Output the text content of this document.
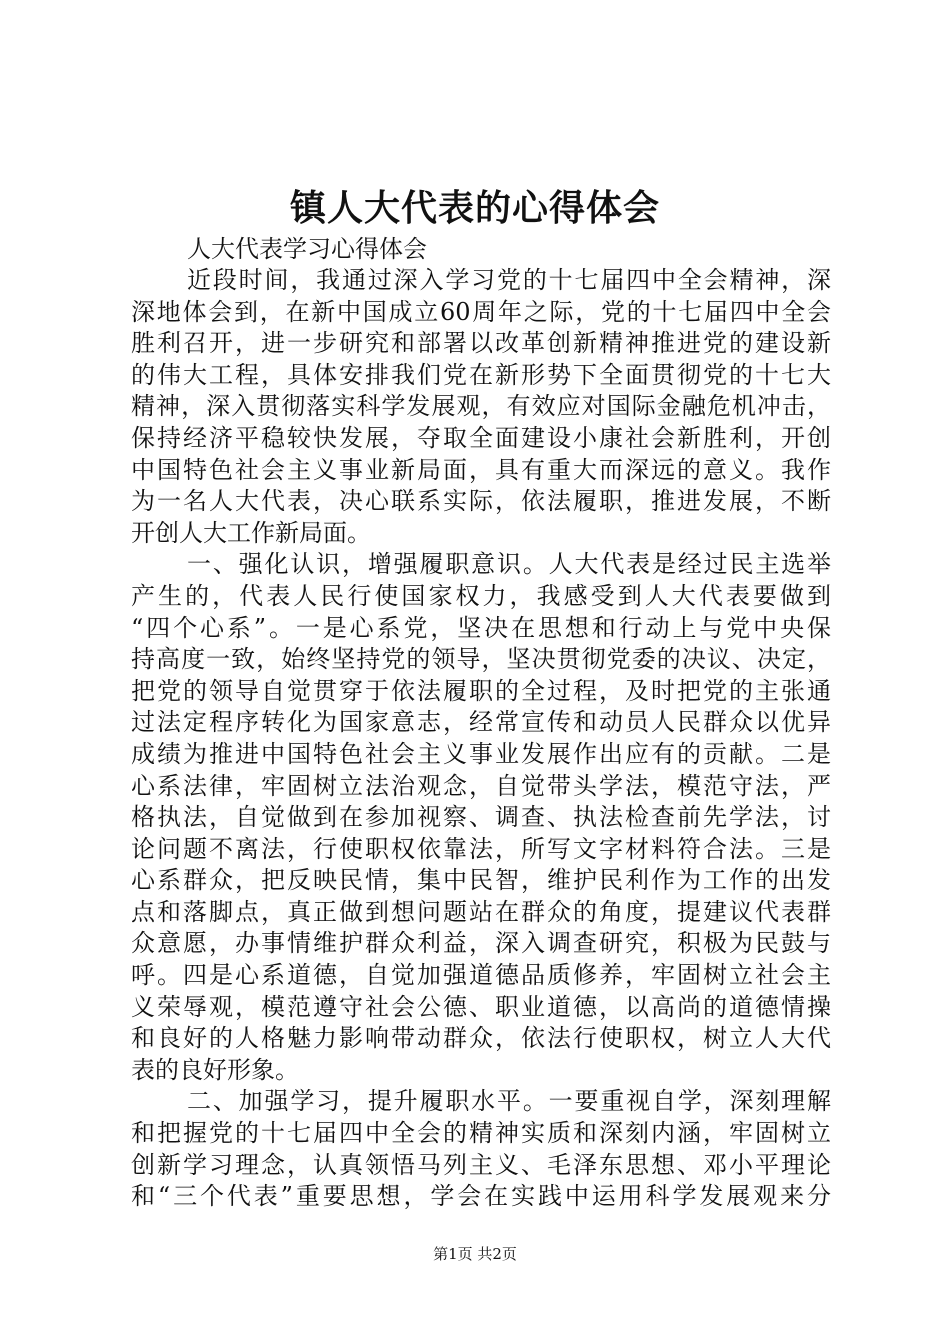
镇人大代表的心得体会

人大代表学习心得体会

近段时间，我通过深入学习党的十七届四中全会精神，深

深地体会到，在新中国成立60周年之际，党的十七届四中全会

胜利召开，进一步研究和部署以改革创新精神推进党的建设新

的伟大工程，具体安排我们党在新形势下全面贯彻党的十七大

精神，深入贯彻落实科学发展观，有效应对国际金融危机冲击，

保持经济平稳较快发展，夺取全面建设小康社会新胜利，开创

中国特色社会主义事业新局面，具有重大而深远的意义。我作

为一名人大代表，决心联系实际，依法履职，推进发展，不断

开创人大工作新局面。

一、强化认识，增强履职意识。人大代表是经过民主选举

产生的，代表人民行使国家权力，我感受到人大代表要做到

“四个心系”。一是心系党，坚决在思想和行动上与党中央保

持高度一致，始终坚持党的领导，坚决贯彻党委的决议、决定，

把党的领导自觉贯穿于依法履职的全过程，及时把党的主张通

过法定程序转化为国家意志，经常宣传和动员人民群众以优异

成绩为推进中国特色社会主义事业发展作出应有的贡献。二是

心系法律，牢固树立法治观念，自觉带头学法，模范守法，严

格执法，自觉做到在参加视察、调查、执法检查前先学法，讨

论问题不离法，行使职权依靠法，所写文字材料符合法。三是

心系群众，把反映民情，集中民智，维护民利作为工作的出发

点和落脚点，真正做到想问题站在群众的角度，提建议代表群

众意愿，办事情维护群众利益，深入调查研究，积极为民鼓与

呼。四是心系道德，自觉加强道德品质修养，牢固树立社会主

义荣辱观，模范遵守社会公德、职业道德，以高尚的道德情操

和良好的人格魅力影响带动群众，依法行使职权，树立人大代

表的良好形象。

二、加强学习，提升履职水平。一要重视自学，深刻理解

和把握党的十七届四中全会的精神实质和深刻内涵，牢固树立

创新学习理念，认真领悟马列主义、毛泽东思想、邓小平理论

和“三个代表”重要思想，学会在实践中运用科学发展观来分

第1页 共2页
